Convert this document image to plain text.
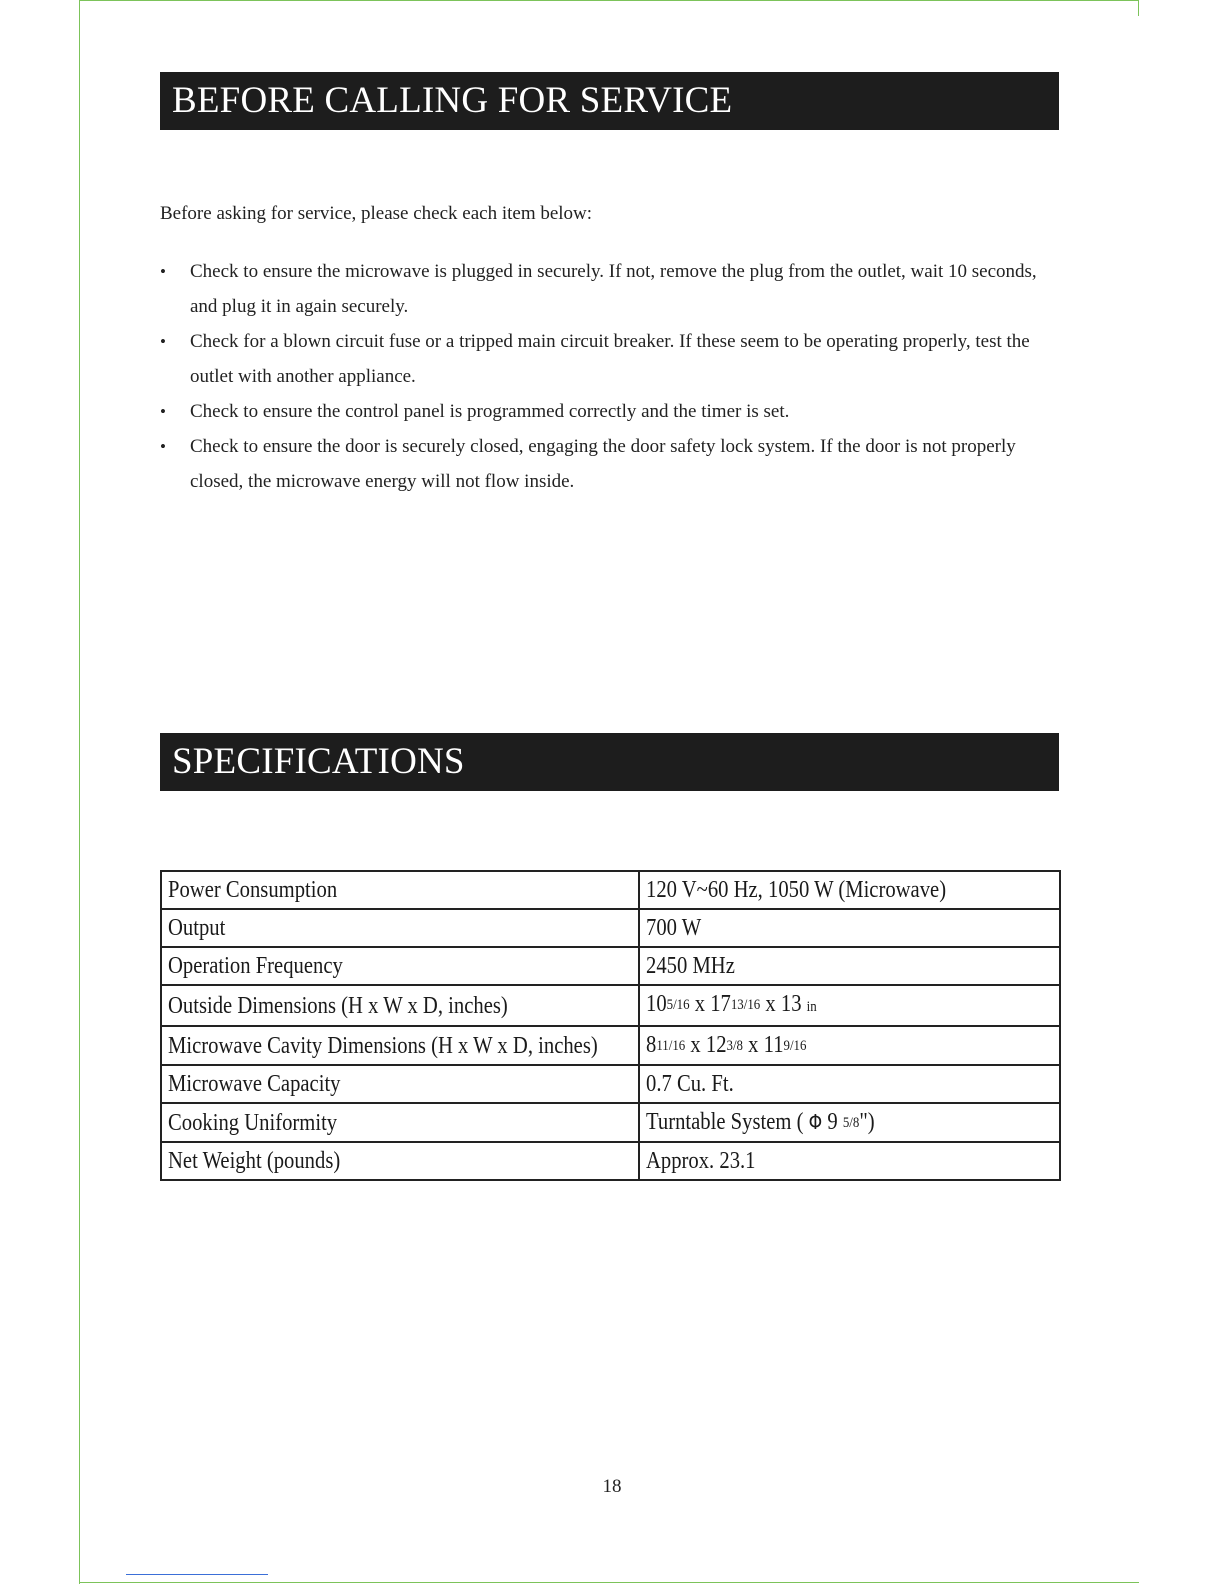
BEFORE CALLING FOR SERVICE
Before asking for service, please check each item below:
• Check to ensure the microwave is plugged in securely. If not, remove the plug from the outlet, wait 10 seconds, and plug it in again securely.
• Check for a blown circuit fuse or a tripped main circuit breaker. If these seem to be operating properly, test the outlet with another appliance.
• Check to ensure the control panel is programmed correctly and the timer is set.
• Check to ensure the door is securely closed, engaging the door safety lock system. If the door is not properly closed, the microwave energy will not flow inside.
SPECIFICATIONS
Power Consumption	120 V~60 Hz, 1050 W (Microwave)
Output	700 W
Operation Frequency	2450 MHz
Outside Dimensions (H x W x D, inches)	105/16 x 1713/16 x 13 in
Microwave Cavity Dimensions (H x W x D, inches)	811/16 x 123/8 x 119/16
Microwave Capacity	0.7 Cu. Ft.
Cooking Uniformity	Turntable System ( Φ 9 5/8")
Net Weight (pounds)	Approx. 23.1
18
